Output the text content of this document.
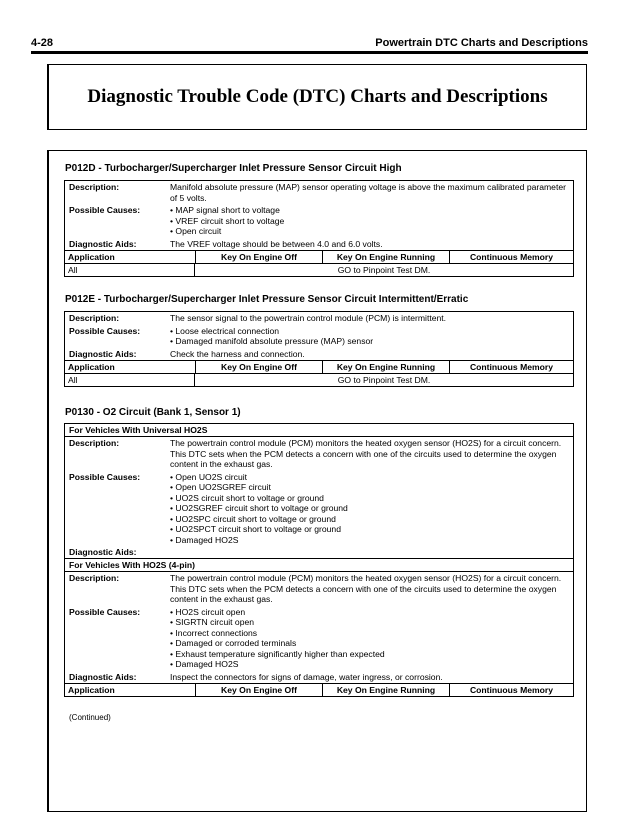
4-28	Powertrain DTC Charts and Descriptions
Diagnostic Trouble Code (DTC) Charts and Descriptions
P012D - Turbocharger/Supercharger Inlet Pressure Sensor Circuit High
Description:	Manifold absolute pressure (MAP) sensor operating voltage is above the maximum calibrated parameter of 5 volts.
Possible Causes:	• MAP signal short to voltage
• VREF circuit short to voltage
• Open circuit
Diagnostic Aids:	The VREF voltage should be between 4.0 and 6.0 volts.
Application	Key On Engine Off	Key On Engine Running	Continuous Memory
All	GO to Pinpoint Test DM.
P012E - Turbocharger/Supercharger Inlet Pressure Sensor Circuit Intermittent/Erratic
Description:	The sensor signal to the powertrain control module (PCM) is intermittent.
Possible Causes:	• Loose electrical connection
• Damaged manifold absolute pressure (MAP) sensor
Diagnostic Aids:	Check the harness and connection.
Application	Key On Engine Off	Key On Engine Running	Continuous Memory
All	GO to Pinpoint Test DM.
P0130 - O2 Circuit (Bank 1, Sensor 1)
For Vehicles With Universal HO2S
Description:	The powertrain control module (PCM) monitors the heated oxygen sensor (HO2S) for a circuit concern. This DTC sets when the PCM detects a concern with one of the circuits used to determine the oxygen content in the exhaust gas.
Possible Causes:	• Open UO2S circuit
• Open UO2SGREF circuit
• UO2S circuit short to voltage or ground
• UO2SGREF circuit short to voltage or ground
• UO2SPC circuit short to voltage or ground
• UO2SPCT circuit short to voltage or ground
• Damaged HO2S
Diagnostic Aids:
For Vehicles With HO2S (4-pin)
Description:	The powertrain control module (PCM) monitors the heated oxygen sensor (HO2S) for a circuit concern. This DTC sets when the PCM detects a concern with one of the circuits used to determine the oxygen content in the exhaust gas.
Possible Causes:	• HO2S circuit open
• SIGRTN circuit open
• Incorrect connections
• Damaged or corroded terminals
• Exhaust temperature significantly higher than expected
• Damaged HO2S
Diagnostic Aids:	Inspect the connectors for signs of damage, water ingress, or corrosion.
Application	Key On Engine Off	Key On Engine Running	Continuous Memory
(Continued)
